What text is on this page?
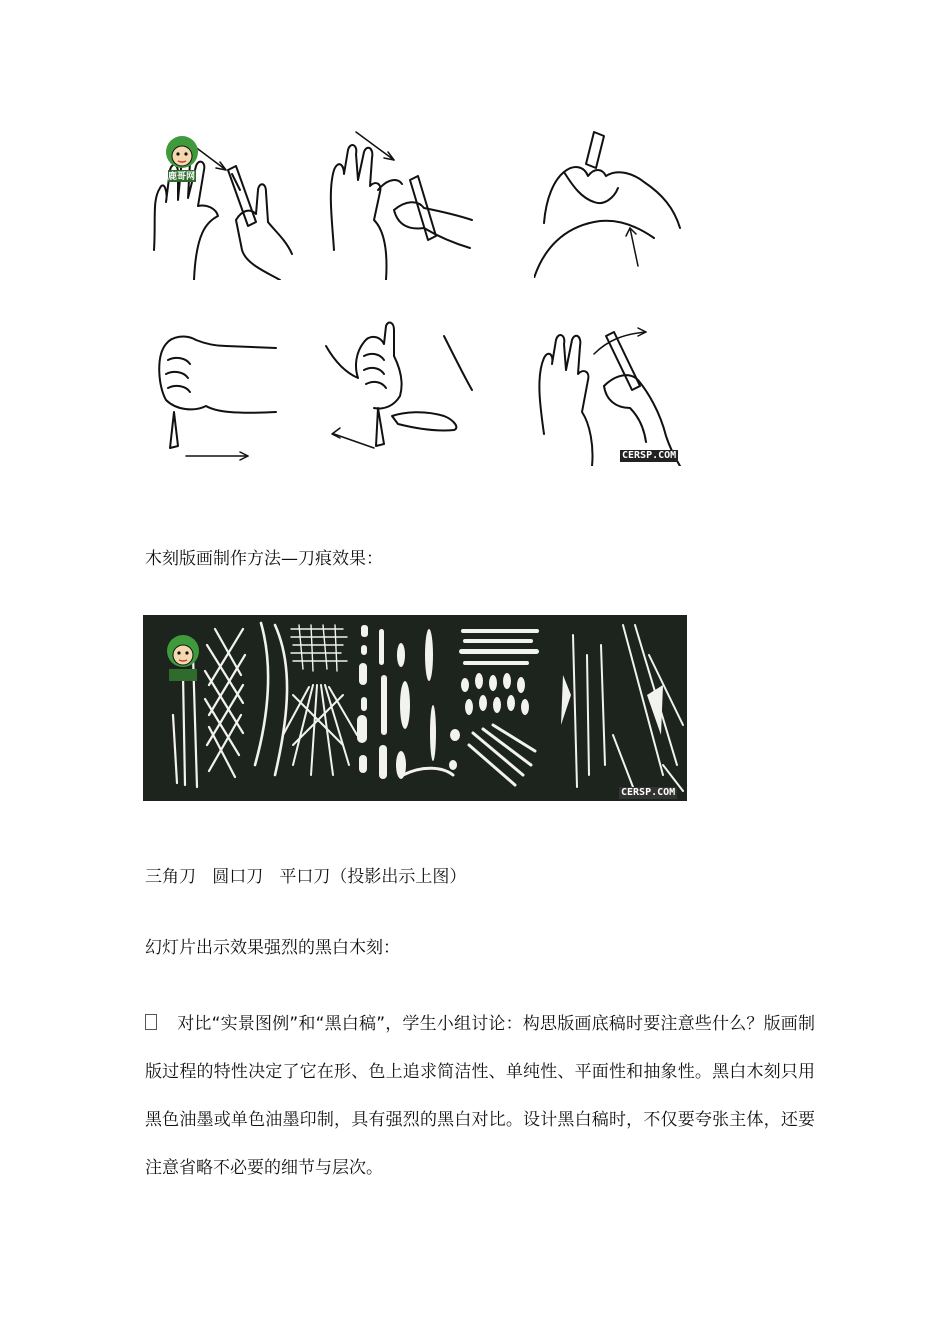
鹿哥网
CERSP.COM
木刻版画制作方法—刀痕效果：
CERSP.COM
三角刀   圆口刀   平口刀（投影出示上图）
幻灯片出示效果强烈的黑白木刻：

对比“实景图例”和“黑白稿”，学生小组讨论：构思版画底稿时要注意些什么？版画制版过程的特性决定了它在形、色上追求简洁性、单纯性、平面性和抽象性。黑白木刻只用黑色油墨或单色油墨印制，具有强烈的黑白对比。设计黑白稿时，不仅要夸张主体，还要注意省略不必要的细节与层次。
